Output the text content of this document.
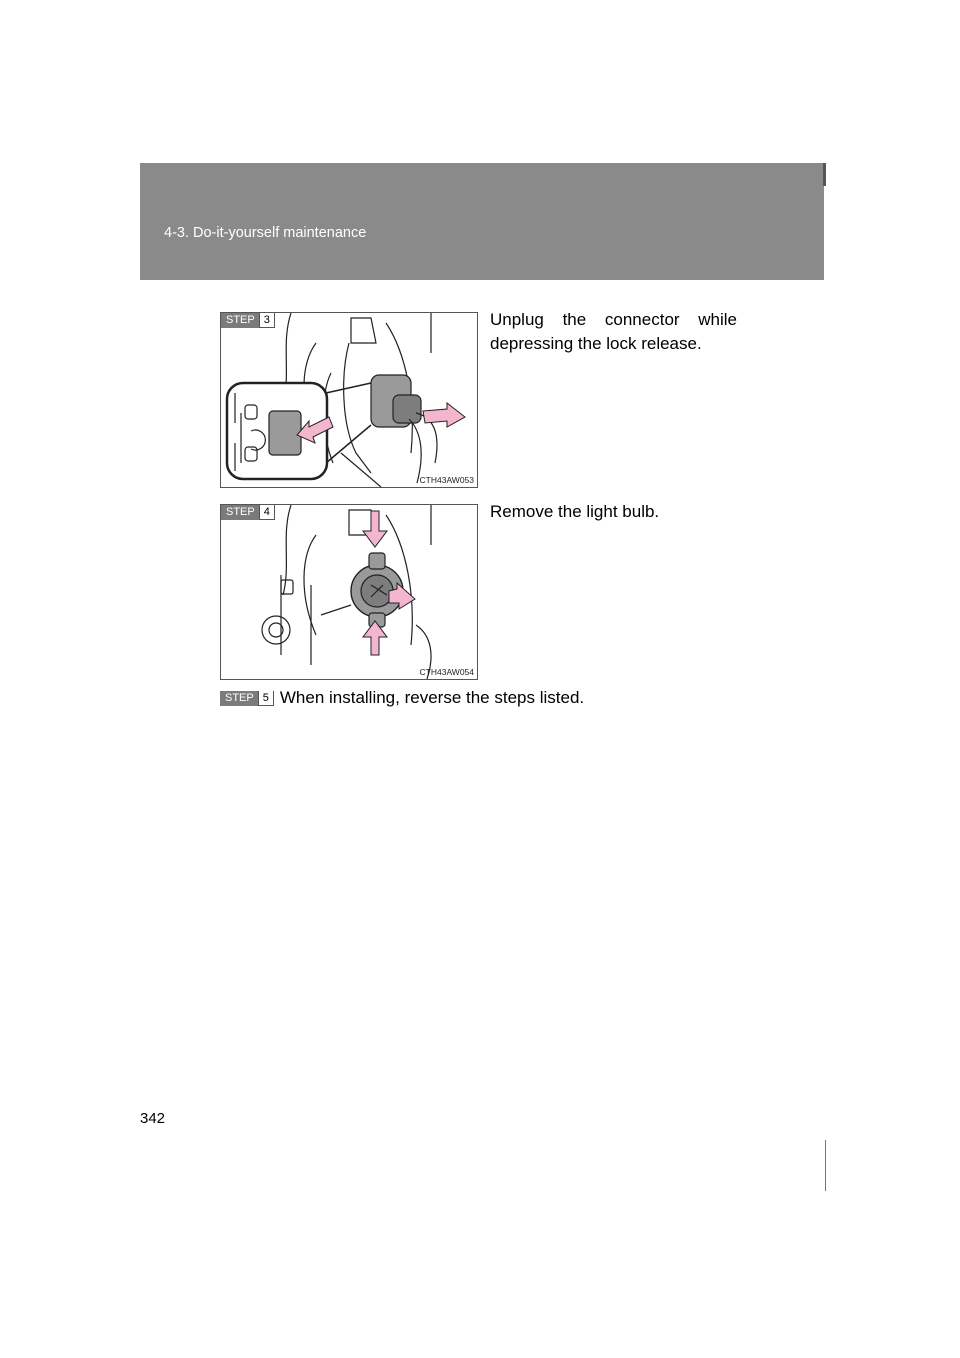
4-3. Do-it-yourself maintenance
STEP 3
CTH43AW053
Unplug the connector while depressing the lock release.
STEP 4
CTH43AW054
Remove the light bulb.
STEP 5 When installing, reverse the steps listed.
342
